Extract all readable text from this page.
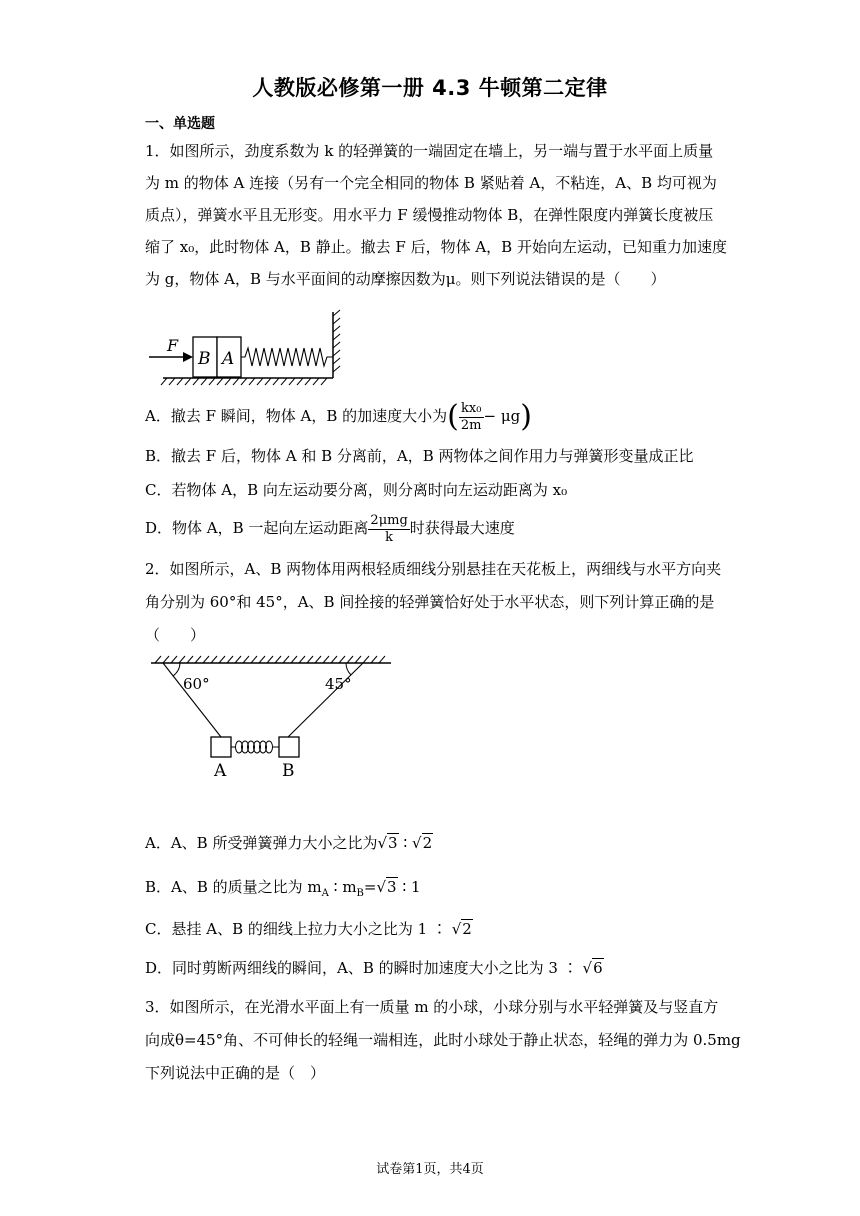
人教版必修第一册 4.3 牛顿第二定律
一、单选题
1．如图所示，劲度系数为 k 的轻弹簧的一端固定在墙上，另一端与置于水平面上质量
为 m 的物体 A 连接（另有一个完全相同的物体 B 紧贴着 A，不粘连，A、B 均可视为
质点），弹簧水平且无形变。用水平力 F 缓慢推动物体 B，在弹性限度内弹簧长度被压
缩了 x₀，此时物体 A，B 静止。撤去 F 后，物体 A，B 开始向左运动，已知重力加速度
为 g，物体 A，B 与水平面间的动摩擦因数为μ。则下列说法错误的是（　　）
F
B A
A．撤去 F 瞬间，物体 A，B 的加速度大小为( $\frac{\text{kx₀}}{2m} - \mu g$)
B．撤去 F 后，物体 A 和 B 分离前，A，B 两物体之间作用力与弹簧形变量成正比
C．若物体 A，B 向左运动要分离，则分离时向左运动距离为 x₀
D．物体 A，B 一起向左运动距离 $\frac{\text{2μmg}}{k}$ 时获得最大速度
2．如图所示，A、B 两物体用两根轻质细线分别悬挂在天花板上，两细线与水平方向夹
角分别为 60°和 45°，A、B 间拴接的轻弹簧恰好处于水平状态，则下列计算正确的是
（　　）
60°	45°
A	B
A．A、B 所受弹簧弹力大小之比为√3 ∶ √2
B．A、B 的质量之比为 $m_A$ ∶ $m_B=√3$ ∶ 1
C．悬挂 A、B 的细线上拉力大小之比为 1 ∶ √2
D．同时剪断两细线的瞬间，A、B 的瞬时加速度大小之比为 3 ∶ √6
3．如图所示，在光滑水平面上有一质量 m 的小球，小球分别与水平轻弹簧及与竖直方
向成θ=45°角、不可伸长的轻绳一端相连，此时小球处于静止状态，轻绳的弹力为 0.5mg
下列说法中正确的是（　）
试卷第1页，共4页
